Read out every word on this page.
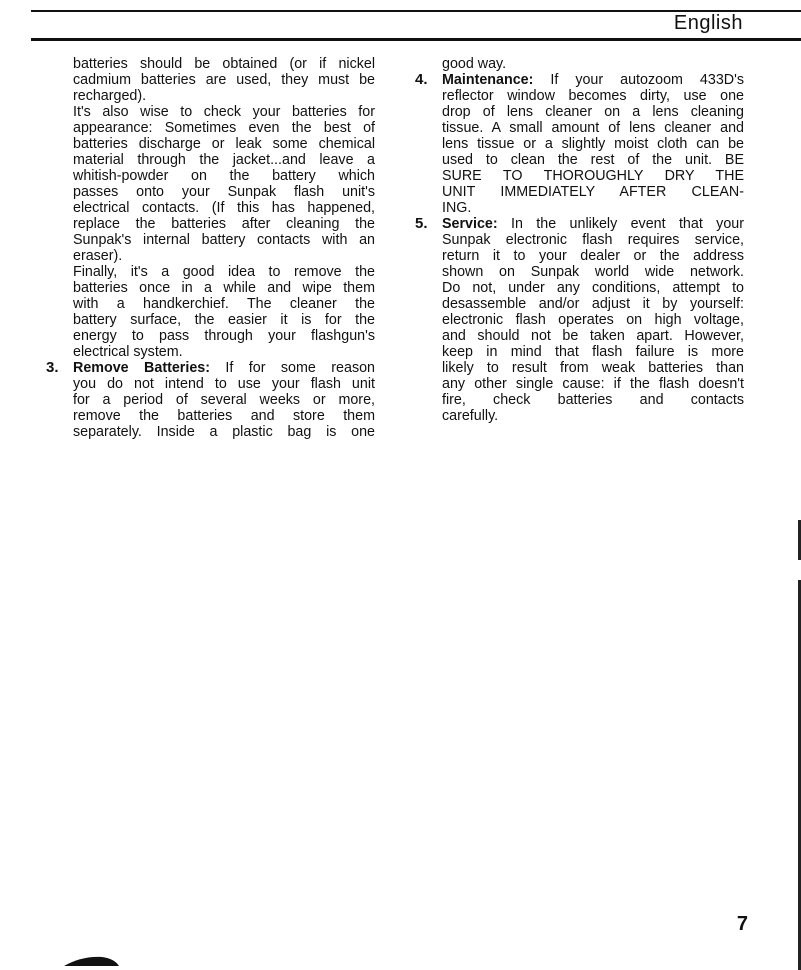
English
batteries should be obtained (or if nickel
cadmium batteries are used, they must be
recharged).
It's also wise to check your batteries for
appearance: Sometimes even the best of
batteries discharge or leak some chemical
material through the jacket...and leave a
whitish-powder on the battery which
passes onto your Sunpak flash unit's
electrical contacts. (If this has happened,
replace the batteries after cleaning the
Sunpak's internal battery contacts with an
eraser).
Finally, it's a good idea to remove the
batteries once in a while and wipe them
with a handkerchief. The cleaner the
battery surface, the easier it is for the
energy to pass through your flashgun's
electrical system.
3. Remove Batteries: If for some reason
you do not intend to use your flash unit
for a period of several weeks or more,
remove the batteries and store them
separately. Inside a plastic bag is one
good way.
4. Maintenance: If your autozoom 433D's
reflector window becomes dirty, use one
drop of lens cleaner on a lens cleaning
tissue. A small amount of lens cleaner and
lens tissue or a slightly moist cloth can be
used to clean the rest of the unit. BE
SURE TO THOROUGHLY DRY THE
UNIT IMMEDIATELY AFTER CLEAN-
ING.
5. Service: In the unlikely event that your
Sunpak electronic flash requires service,
return it to your dealer or the address
shown on Sunpak world wide network.
Do not, under any conditions, attempt to
desassemble and/or adjust it by yourself:
electronic flash operates on high voltage,
and should not be taken apart. However,
keep in mind that flash failure is more
likely to result from weak batteries than
any other single cause: if the flash doesn't
fire, check batteries and contacts
carefully.
7
